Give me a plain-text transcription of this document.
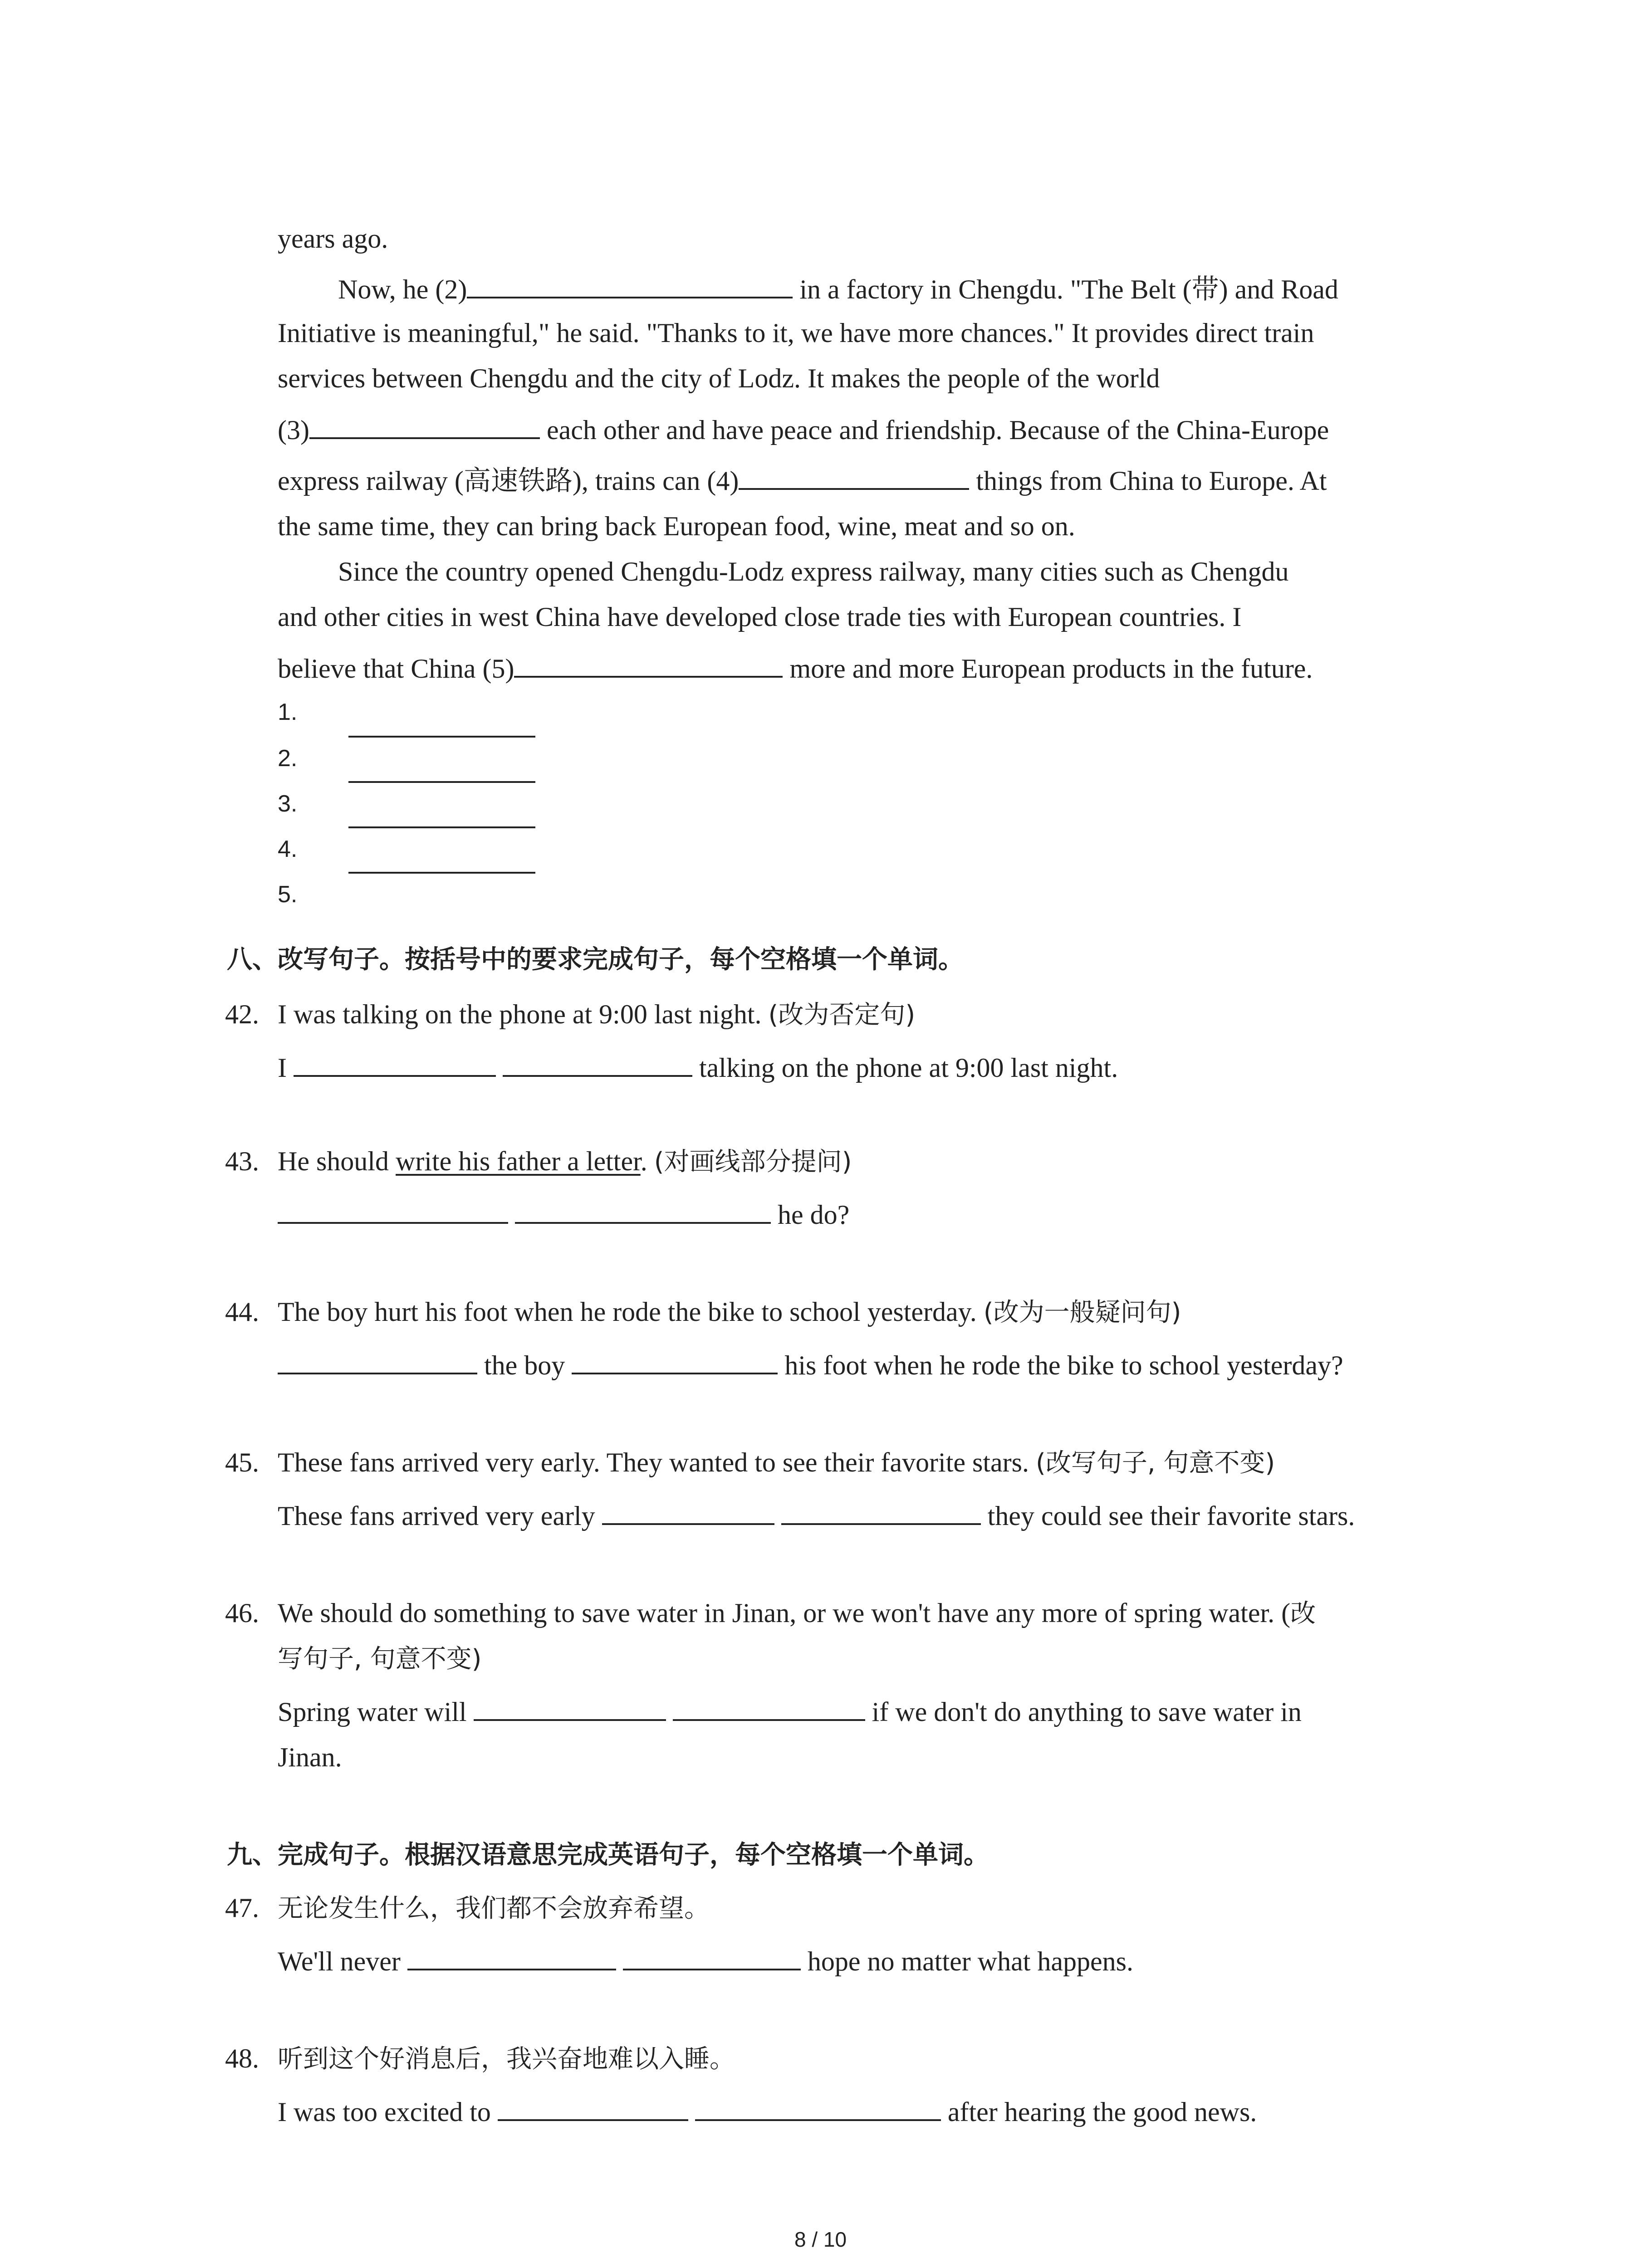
years ago.
Now, he (2)	in a factory in Chengdu. "The Belt (带) and Road
Initiative is meaningful," he said. "Thanks to it, we have more chances." It provides direct train
services between Chengdu and the city of Lodz. It makes the people of the world
(3)	each other and have peace and friendship. Because of the China-Europe
express railway (高速铁路), trains can (4)	things from China to Europe. At
the same time, they can bring back European food, wine, meat and so on.
Since the country opened Chengdu-Lodz express railway, many cities such as Chengdu
and other cities in west China have developed close trade ties with European countries. I
believe that China (5)	more and more European products in the future.
1.
2.
3.
4.
5.
八、改写句子。按括号中的要求完成句子，每个空格填一个单词。
42. I was talking on the phone at 9:00 last night. (改为否定句)
I	talking on the phone at 9:00 last night.
43. He should write his father a letter. (对画线部分提问)
he do?
44. The boy hurt his foot when he rode the bike to school yesterday. (改为一般疑问句)
the boy	his foot when he rode the bike to school yesterday?
45. These fans arrived very early. They wanted to see their favorite stars. (改写句子, 句意不变)
These fans arrived very early	they could see their favorite stars.
46. We should do something to save water in Jinan, or we won't have any more of spring water. (改
写句子, 句意不变)
Spring water will	if we don't do anything to save water in
Jinan.
九、完成句子。根据汉语意思完成英语句子，每个空格填一个单词。
47. 无论发生什么，我们都不会放弃希望。
We'll never	hope no matter what happens.
48. 听到这个好消息后，我兴奋地难以入睡。
I was too excited to	after hearing the good news.
8 / 10
